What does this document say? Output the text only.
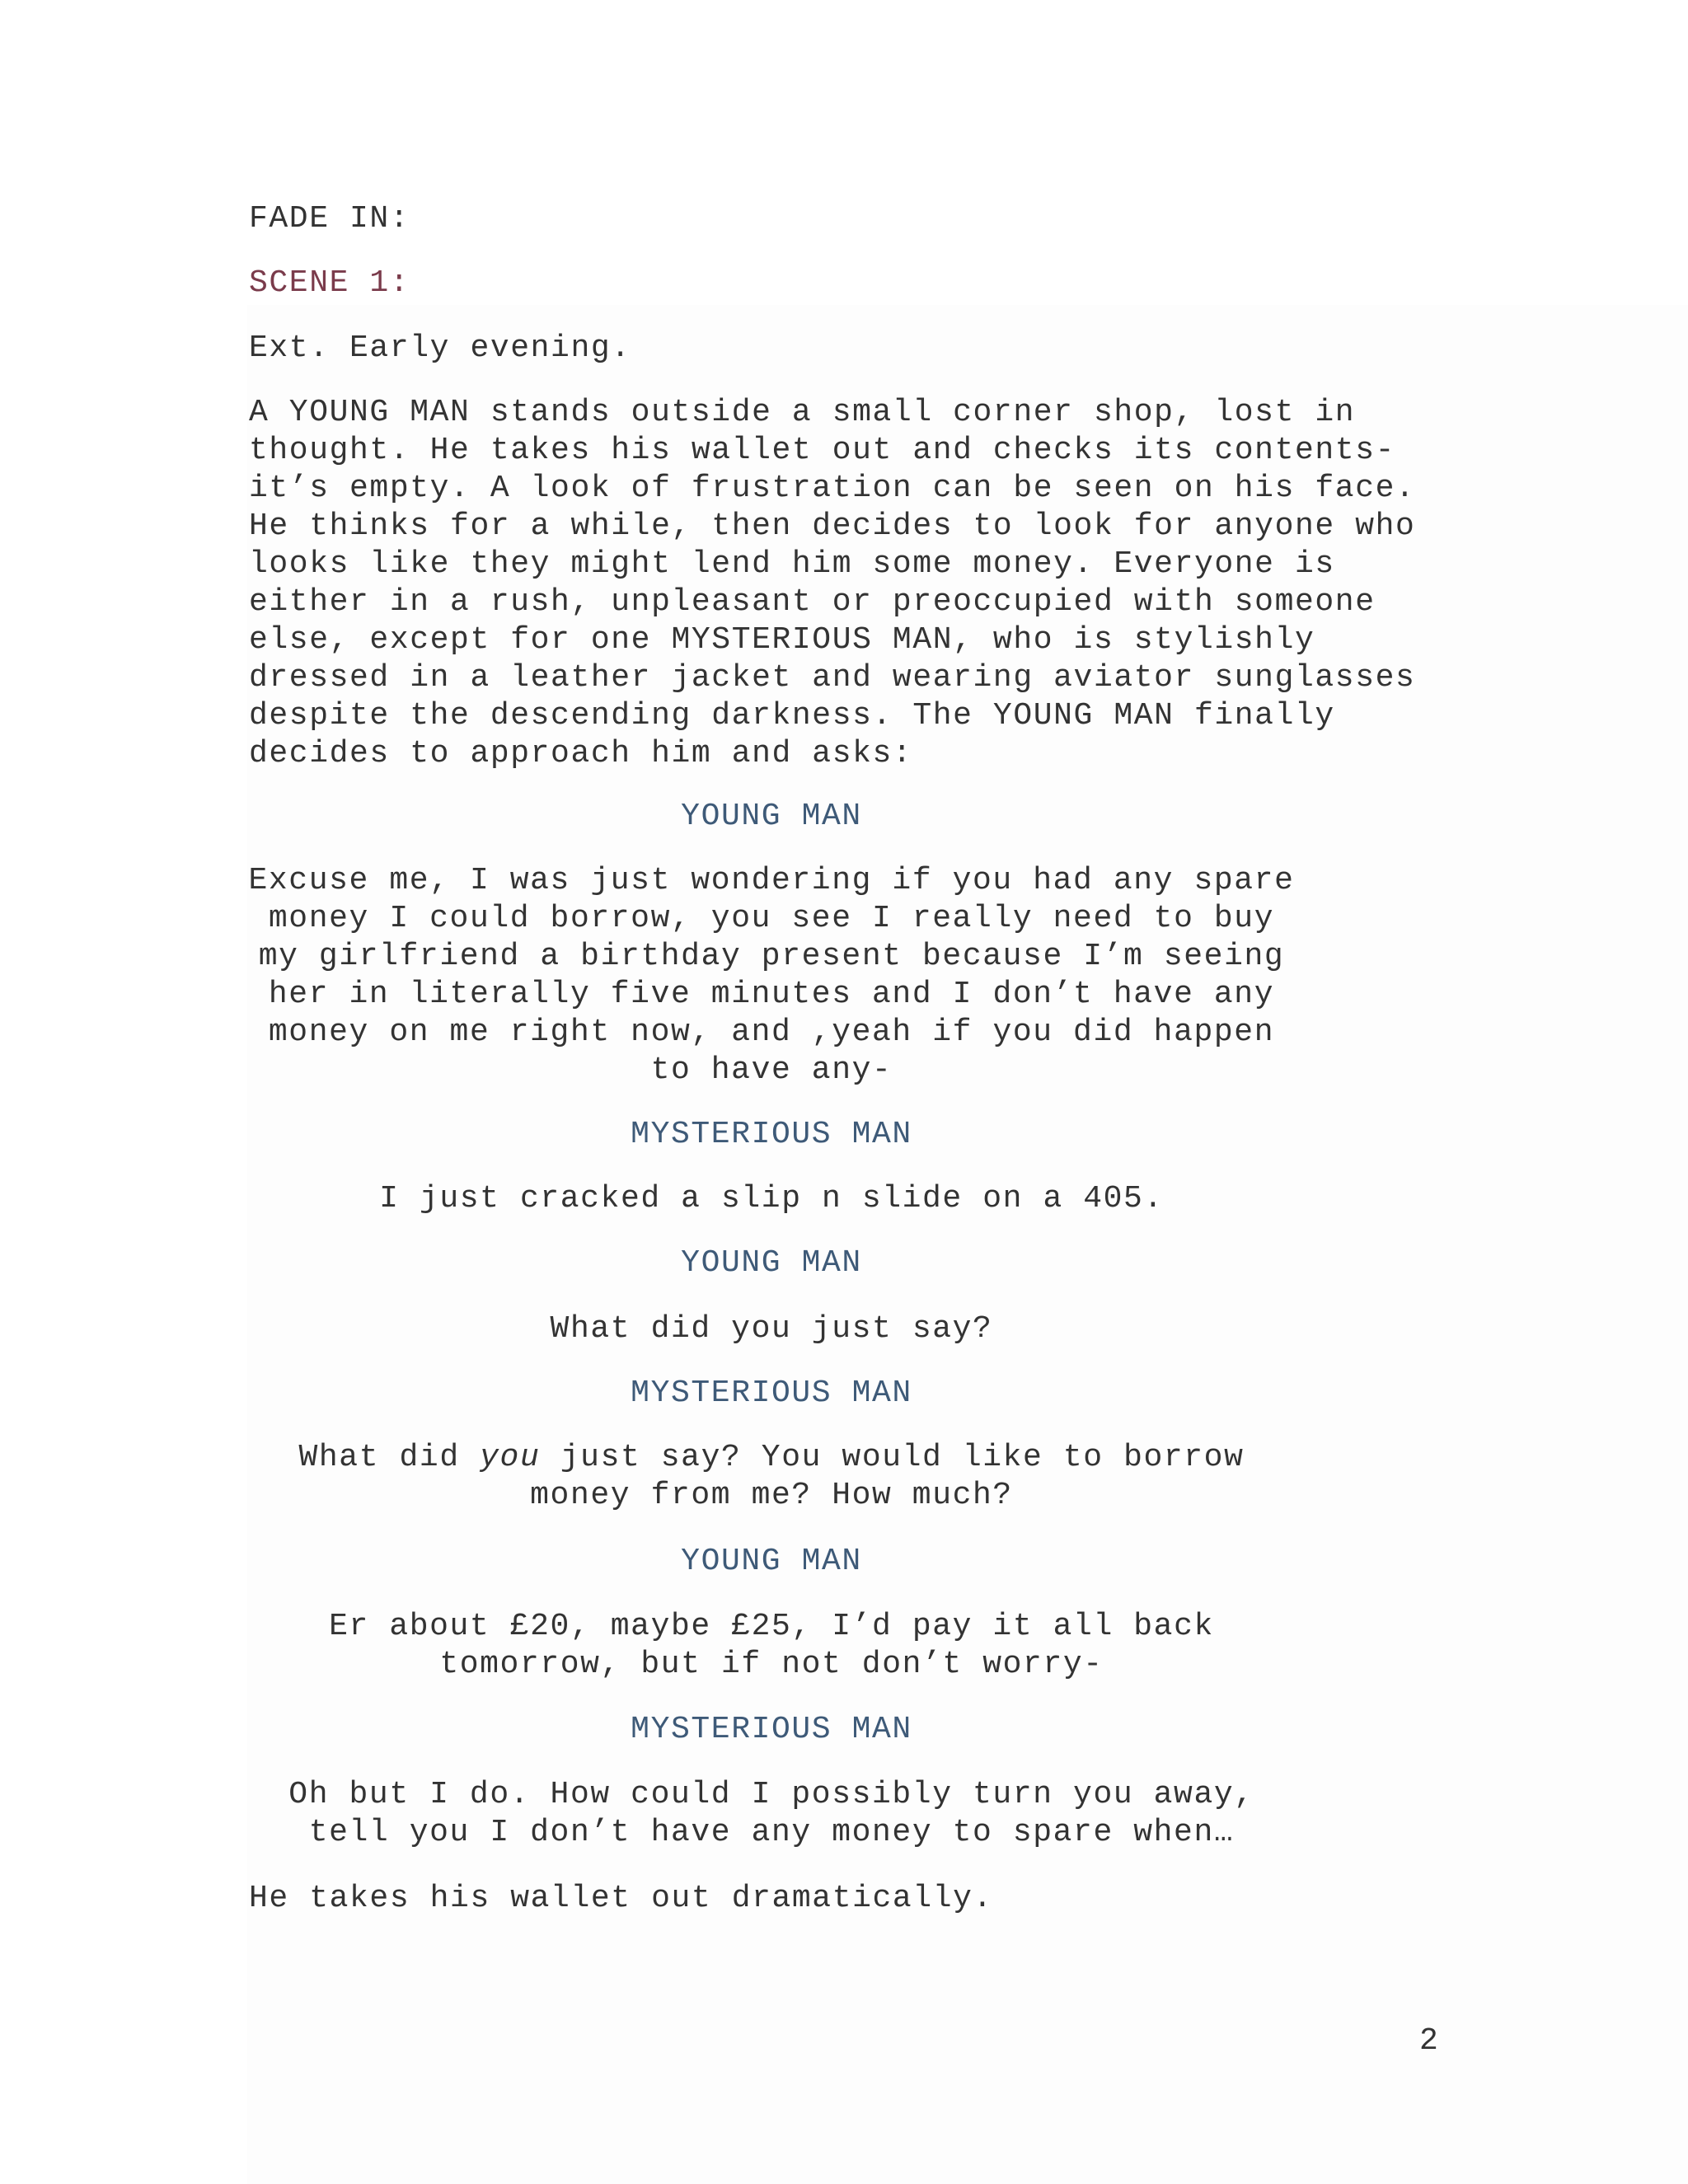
FADE IN:

SCENE 1:

Ext. Early evening.

A YOUNG MAN stands outside a small corner shop, lost in
thought. He takes his wallet out and checks its contents-
it’s empty. A look of frustration can be seen on his face.
He thinks for a while, then decides to look for anyone who
looks like they might lend him some money. Everyone is
either in a rush, unpleasant or preoccupied with someone
else, except for one MYSTERIOUS MAN, who is stylishly
dressed in a leather jacket and wearing aviator sunglasses
despite the descending darkness. The YOUNG MAN finally
decides to approach him and asks:

YOUNG MAN

Excuse me, I was just wondering if you had any spare
money I could borrow, you see I really need to buy
my girlfriend a birthday present because I’m seeing
her in literally five minutes and I don’t have any
money on me right now, and ,yeah if you did happen
to have any-

MYSTERIOUS MAN

I just cracked a slip n slide on a 405.

YOUNG MAN

What did you just say?

MYSTERIOUS MAN

What did you just say? You would like to borrow
money from me? How much?

YOUNG MAN

Er about £20, maybe £25, I’d pay it all back
tomorrow, but if not don’t worry-

MYSTERIOUS MAN

Oh but I do. How could I possibly turn you away,
tell you I don’t have any money to spare when…

He takes his wallet out dramatically.

2
